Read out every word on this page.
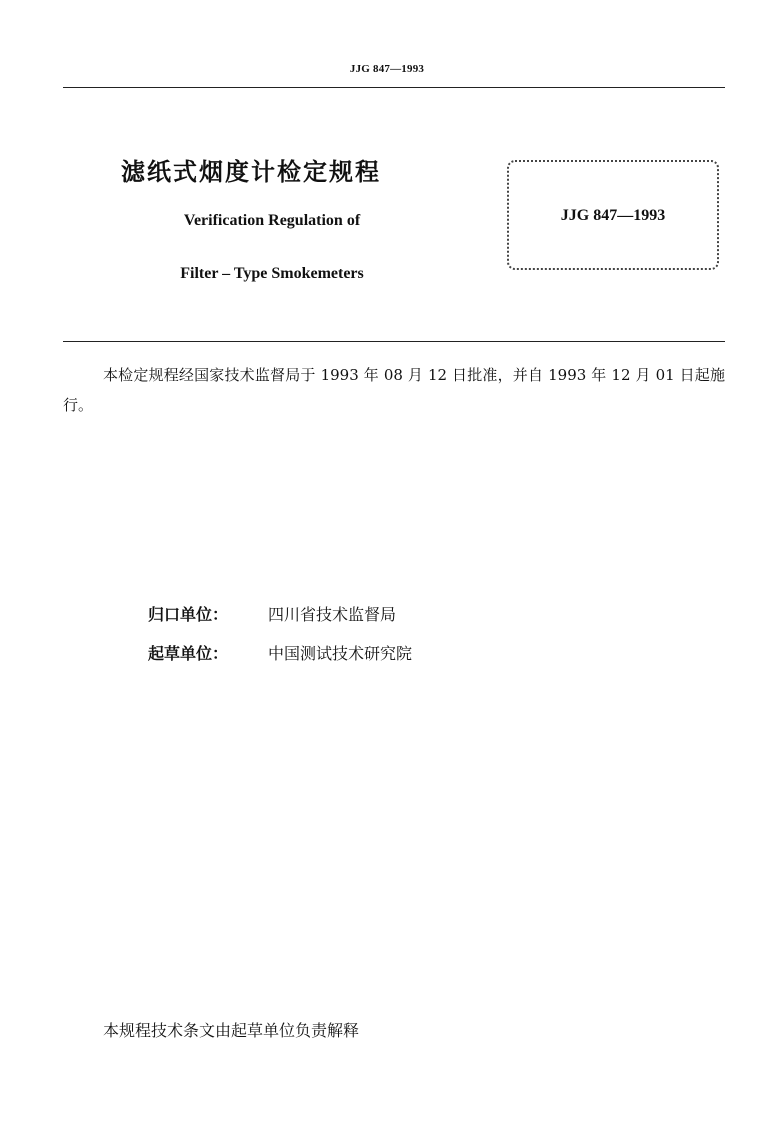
JJG 847—1993
滤纸式烟度计检定规程
Verification Regulation of
Filter – Type Smokemeters
JJG 847—1993
本检定规程经国家技术监督局于 1993 年 08 月 12 日批准，并自 1993 年 12 月 01 日起施行。
归口单位： 四川省技术监督局
起草单位： 中国测试技术研究院
本规程技术条文由起草单位负责解释
